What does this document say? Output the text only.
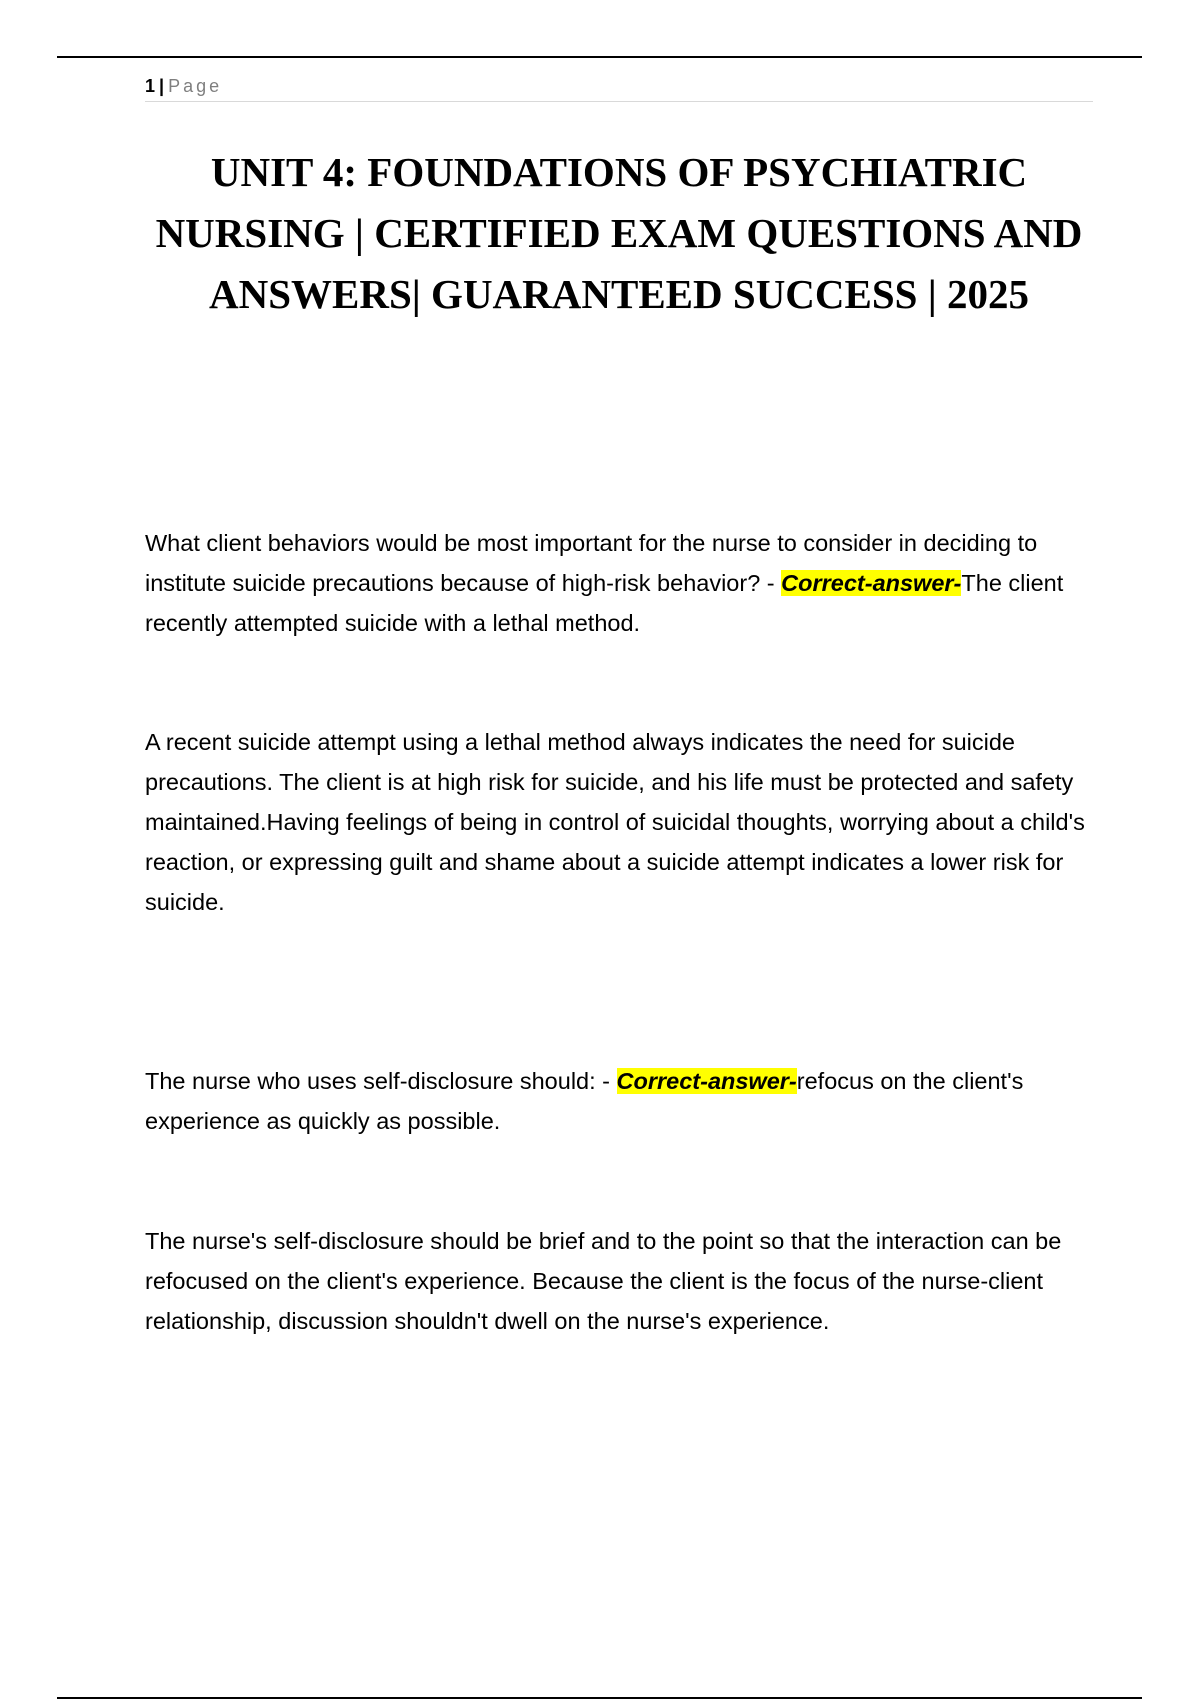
1 | Page
UNIT 4: FOUNDATIONS OF PSYCHIATRIC NURSING | CERTIFIED EXAM QUESTIONS AND ANSWERS| GUARANTEED SUCCESS | 2025

What client behaviors would be most important for the nurse to consider in deciding to institute suicide precautions because of high-risk behavior? - Correct-answer-The client recently attempted suicide with a lethal method.

A recent suicide attempt using a lethal method always indicates the need for suicide precautions. The client is at high risk for suicide, and his life must be protected and safety maintained.Having feelings of being in control of suicidal thoughts, worrying about a child's reaction, or expressing guilt and shame about a suicide attempt indicates a lower risk for suicide.

The nurse who uses self-disclosure should: - Correct-answer-refocus on the client's experience as quickly as possible.

The nurse's self-disclosure should be brief and to the point so that the interaction can be refocused on the client's experience. Because the client is the focus of the nurse-client relationship, discussion shouldn't dwell on the nurse's experience.
